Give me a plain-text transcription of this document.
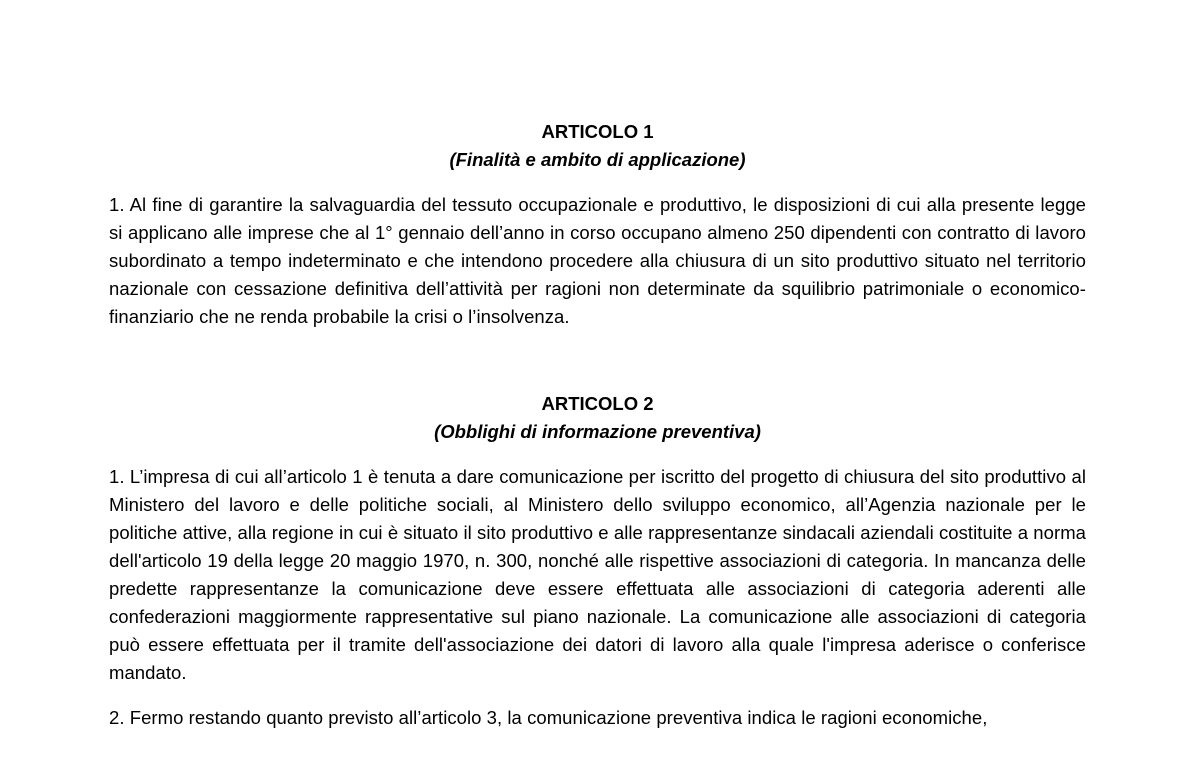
ARTICOLO 1

(Finalità e ambito di applicazione)

1. Al fine di garantire la salvaguardia del tessuto occupazionale e produttivo, le disposizioni di cui alla presente legge si applicano alle imprese che al 1° gennaio dell’anno in corso occupano almeno 250 dipendenti con contratto di lavoro subordinato a tempo indeterminato e che intendono procedere alla chiusura di un sito produttivo situato nel territorio nazionale con cessazione definitiva dell’attività per ragioni non determinate da squilibrio patrimoniale o economico-finanziario che ne renda probabile la crisi o l’insolvenza.

ARTICOLO 2

(Obblighi di informazione preventiva)

1. L’impresa di cui all’articolo 1 è tenuta a dare comunicazione per iscritto del progetto di chiusura del sito produttivo al Ministero del lavoro e delle politiche sociali, al Ministero dello sviluppo economico, all’Agenzia nazionale per le politiche attive, alla regione in cui è situato il sito produttivo e alle rappresentanze sindacali aziendali costituite a norma dell'articolo 19 della legge 20 maggio 1970, n. 300, nonché alle rispettive associazioni di categoria. In mancanza delle predette rappresentanze la comunicazione deve essere effettuata alle associazioni di categoria aderenti alle confederazioni maggiormente rappresentative sul piano nazionale. La comunicazione alle associazioni di categoria può essere effettuata per il tramite dell'associazione dei datori di lavoro alla quale l'impresa aderisce o conferisce mandato.

2. Fermo restando quanto previsto all’articolo 3, la comunicazione preventiva indica le ragioni economiche,
